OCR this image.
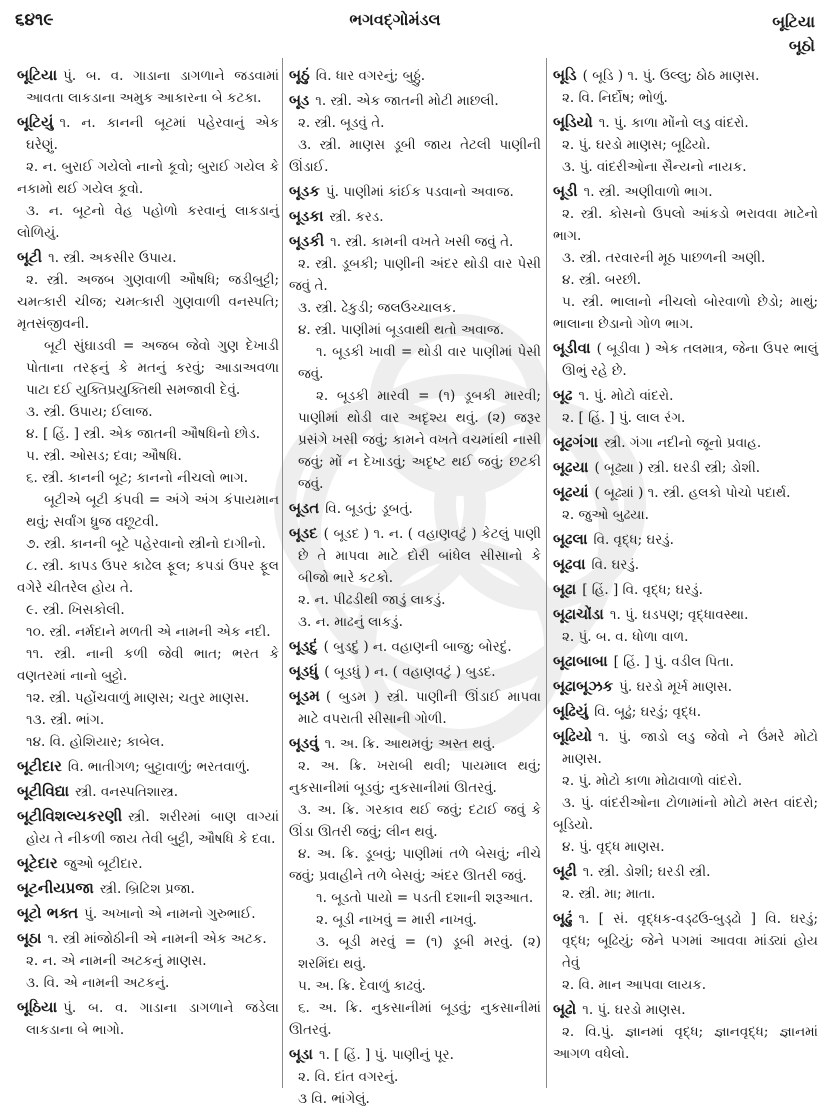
૬૪૧૯	ભગવદ્ગોમંડલ	બૂટિયા
બૂઠો

બૂટિયા પું. બ. વ. ગાડાના ડાગળાને જડવામાં આવતા લાકડાના અમુક આકારના બે કટકા.

બૂટિયું ૧. ન. કાનની બૂટમાં પહેરવાનું એક ઘરેણું.

૨. ન. બુરાઈ ગયેલો નાનો કૂવો; બુરાઈ ગયેલ કે નકામો થઈ ગયેલ કૂવો.

૩. ન. બૂટનો વેહ પહોળો કરવાનું લાકડાનું લોળિયું.

બૂટી ૧. સ્ત્રી. અકસીર ઉપાય.

૨. સ્ત્રી. અજબ ગુણવાળી ઔષધિ; જડીબુટ્ટી; ચમત્કારી ચીજ; ચમત્કારી ગુણવાળી વનસ્પતિ; મૃતસંજીવની.

બૂટી સુંઘાડવી = અજબ જેવો ગુણ દેખાડી પોતાના તરફનું કે મતનું કરવું; આડાઅવળા પાટા દઈ યુક્તિપ્રયુક્તિથી સમજાવી દેવું.

૩. સ્ત્રી. ઉપાય; ઈલાજ.

૪. [ હિં. ] સ્ત્રી. એક જાતની ઔષધિનો છોડ.

૫. સ્ત્રી. ઓસડ; દવા; ઔષધિ.

૬. સ્ત્રી. કાનની બૂટ; કાનનો નીચલો ભાગ.

બૂટીએ બૂટી કંપવી = અંગે અંગ કંપાયમાન થવું; સર્વાંગ ધ્રુજ વછૂટવી.

૭. સ્ત્રી. કાનની બૂટે પહેરવાનો સ્ત્રીનો દાગીનો.

૮. સ્ત્રી. કાપડ ઉપર કાઢેલ ફૂલ; કપડાં ઉપર ફૂલ વગેરે ચીતરેલ હોય તે.

૯. સ્ત્રી. ખિસકોલી.

૧૦. સ્ત્રી. નર્મદાને મળતી એ નામની એક નદી.

૧૧. સ્ત્રી. નાની કળી જેવી ભાત; ભરત કે વણતરમાં નાનો બુટ્ટો.

૧૨. સ્ત્રી. પહોંચવાળું માણસ; ચતુર માણસ.

૧૩. સ્ત્રી. ભાંગ.

૧૪. વિ. હોશિયાર; કાબેલ.

બૂટીદાર વિ. ભાતીગળ; બુટ્ટાવાળું; ભરતવાળું.

બૂટીવિદ્યા સ્ત્રી. વનસ્પતિશાસ્ત્ર.

બૂટીવિશલ્યકરણી સ્ત્રી. શરીરમાં બાણ વાગ્યાં હોય તે નીકળી જાય તેવી બુટ્ટી, ઔષધિ કે દવા.

બૂટેદાર જુઓ બૂટીદાર.

બૂટનીયપ્રજા સ્ત્રી. બ્રિટિશ પ્રજા.

બૂટો ભક્ત પું. અખાનો એ નામનો ગુરુભાઈ.

બૂઠા ૧. સ્ત્રી માંજોઠીની એ નામની એક અટક.

૨. ન. એ નામની અટકનું માણસ.

૩. વિ. એ નામની અટકનું.

બૂઠિયા પું. બ. વ. ગાડાના ડાગળાને જડેલા લાકડાના બે ભાગો.

બૂઠું વિ. ધાર વગરનું; બુઠ્ઠું.

બૂડ ૧. સ્ત્રી. એક જાતની મોટી માછલી.

૨. સ્ત્રી. બૂડવું તે.

૩. સ્ત્રી. માણસ ડૂબી જાય તેટલી પાણીની ઊંડાઈ.

બૂડક પું. પાણીમાં કાંઈક પડવાનો અવાજ.

બૂડકા સ્ત્રી. કરડ.

બૂડકી ૧. સ્ત્રી. કામની વખતે ખસી જવું તે.

૨. સ્ત્રી. ડૂબકી; પાણીની અંદર થોડી વાર પેસી જવું તે.

૩. સ્ત્રી. ઢેકુડી; જલઉચ્ચાલક.

૪. સ્ત્રી. પાણીમાં બૂડવાથી થતો અવાજ.

૧. બૂડકી ખાવી = થોડી વાર પાણીમાં પેસી જવું.

૨. બૂડકી મારવી = (૧) ડૂબકી મારવી; પાણીમાં થોડી વાર અદૃશ્ય થવું. (૨) જરૂર પ્રસંગે ખસી જવું; કામને વખતે વચમાંથી નાસી જવું; મોં ન દેખાડવું; અદૃષ્ટ થઈ જવું; છટકી જવું.

બૂડત વિ. બૂડતું; ડૂબતું.

બૂડદ ( બૂડદ ) ૧. ન. ( વહાણવટું ) કેટલું પાણી છે તે માપવા માટે દોરી બાંધેલ સીસાનો કે બીજો ભારે કટકો.

૨. ન. પીઢડીથી જાડું લાકડું.

૩. ન. માઢનું લાકડું.

બૂડદું ( બુડદું ) ન. વહાણની બાજુ; બોરદું.

બૂડધું ( બૂડધું ) ન. ( વહાણવટું ) બુડદ.

બૂડમ ( બુડમ ) સ્ત્રી. પાણીની ઊંડાઈ માપવા માટે વપરાતી સીસાની ગોળી.

બૂડવું ૧. અ. ક્રિ. આથમવું; અસ્ત થવું.

૨. અ. ક્રિ. ખરાબી થવી; પાયમાલ થવું; નુકસાનીમાં બૂડવું; નુકસાનીમાં ઊતરવું.

૩. અ. ક્રિ. ગરકાવ થઈ જવું; દટાઈ જવું કે ઊંડા ઊતરી જવું; લીન થવું.

૪. અ. ક્રિ. ડૂબવું; પાણીમાં તળે બેસવું; નીચે જવું; પ્રવાહીને તળે બેસવું; અંદર ઊતરી જવું.

૧. બૂડતો પાયો = પડતી દશાની શરૂઆત.

૨. બૂડી નાખવું = મારી નાખવું.

૩. બૂડી મરવું = (૧) ડૂબી મરવું. (૨) શરમિંદા થવું.

૫. અ. ક્રિ. દેવાળું કાઢવું.

૬. અ. ક્રિ. નુકસાનીમાં બૂડવું; નુકસાનીમાં ઊતરવું.

બૂડા ૧. [ હિં. ] પું. પાણીનું પૂર.

૨. વિ. દાંત વગરનું.

૩ વિ. ભાંગેલું.

બૂડિ ( બૂડિ ) ૧. પું. ઉલ્લુ; ઠોઠ માણસ.

૨. વિ. નિર્દોષ; ભોળું.

બૂડિયો ૧. પું. કાળા મોંનો લડુ વાંદરો.

૨. પું. ઘરડો માણસ; બૂઢિયો.

૩. પું. વાંદરીઓના સૈન્યનો નાયક.

બૂડી ૧. સ્ત્રી. અણીવાળો ભાગ.

૨. સ્ત્રી. કોસનો ઉપલો આંકડો ભરાવવા માટેનો ભાગ.

૩. સ્ત્રી. તરવારની મૂઠ પાછળની અણી.

૪. સ્ત્રી. બરછી.

૫. સ્ત્રી. ભાલાનો નીચલો બોરવાળો છેડો; માથું; ભાલાના છેડાનો ગોળ ભાગ.

બૂડીવા ( બૂડીવા ) એક તલમાત્ર, જેના ઉપર ભાલું ઊભું રહે છે.

બૂઢ ૧. પું. મોટો વાંદરો.

૨. [ હિં. ] પું. લાલ રંગ.

બૂઢગંગા સ્ત્રી. ગંગા નદીનો જૂનો પ્રવાહ.

બૂઢયા ( બૂઢ્યા ) સ્ત્રી. ઘરડી સ્ત્રી; ડોશી.

બૂઢયાં ( બૂઢ્યાં ) ૧. સ્ત્રી. હલકો પોચો પદાર્થ.

૨. જુઓ બુઢયા.

બૂઢલા વિ. વૃદ્ધ; ઘરડું.

બૂઢવા વિ. ઘરડું.

બૂઢા [ હિં. ] વિ. વૃદ્ધ; ઘરડું.

બૂઢાચોંડા ૧. પું. ઘડપણ; વૃદ્ધાવસ્થા.

૨. પું. બ. વ. ધોળા વાળ.

બૂઢાબાબા [ હિં. ] પું. વડીલ પિતા.

બૂઢાબૂઝક પું. ઘરડો મૂર્ખ માણસ.

બૂઢિયું વિ. બૂઢું; ઘરડું; વૃદ્ધ.

બૂઢિયો ૧. પું. જાડો લડુ જેવો ને ઉંમરે મોટો માણસ.

૨. પું. મોટો કાળા મોઢાવાળો વાંદરો.

૩. પું. વાંદરીઓના ટોળામાંનો મોટો મસ્ત વાંદરો; બૂડિયો.

૪. પું. વૃદ્ધ માણસ.

બૂઢી ૧. સ્ત્રી. ડોશી; ઘરડી સ્ત્રી.

૨. સ્ત્રી. મા; માતા.

બૂઢું ૧. [ સં. વૃદ્ધક-વડ્ઢઉ-બુડ્ઢો ] વિ. ઘરડું; વૃદ્ધ; બૂઢિયું; જેને પગમાં આવવા માંડ્યાં હોય તેવું

૨. વિ. માન આપવા લાયક.

બૂઢો ૧. પું. ઘરડો માણસ.

૨. વિ.પું. જ્ઞાનમાં વૃદ્ધ; જ્ઞાનવૃદ્ધ; જ્ઞાનમાં આગળ વધેલો.
